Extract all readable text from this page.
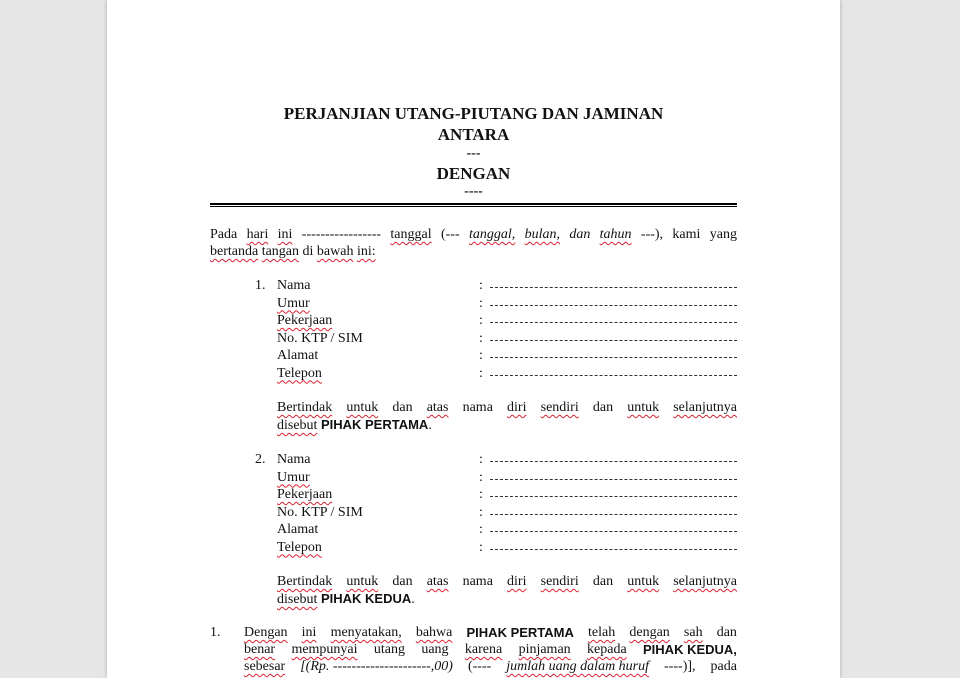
PERJANJIAN UTANG-PIUTANG DAN JAMINAN
ANTARA
---
DENGAN
----
Pada hari ini ----------------- tanggal (--- tanggal, bulan, dan tahun ---), kami yang
bertanda tangan di bawah ini:
1. Nama
Umur
Pekerjaan
No. KTP / SIM
Alamat
Telepon
:
:
:
:
:
:
Bertindak untuk dan atas nama diri sendiri dan untuk selanjutnya
disebut PIHAK PERTAMA.
2. Nama
Umur
Pekerjaan
No. KTP / SIM
Alamat
Telepon
:
:
:
:
:
:
Bertindak untuk dan atas nama diri sendiri dan untuk selanjutnya
disebut PIHAK KEDUA.
1. Dengan ini menyatakan, bahwa PIHAK PERTAMA telah dengan sah dan
benar mempunyai utang uang karena pinjaman kepada PIHAK KEDUA,
sebesar [(Rp. ---------------------,00) (---- jumlah uang dalam huruf ----)], pada
